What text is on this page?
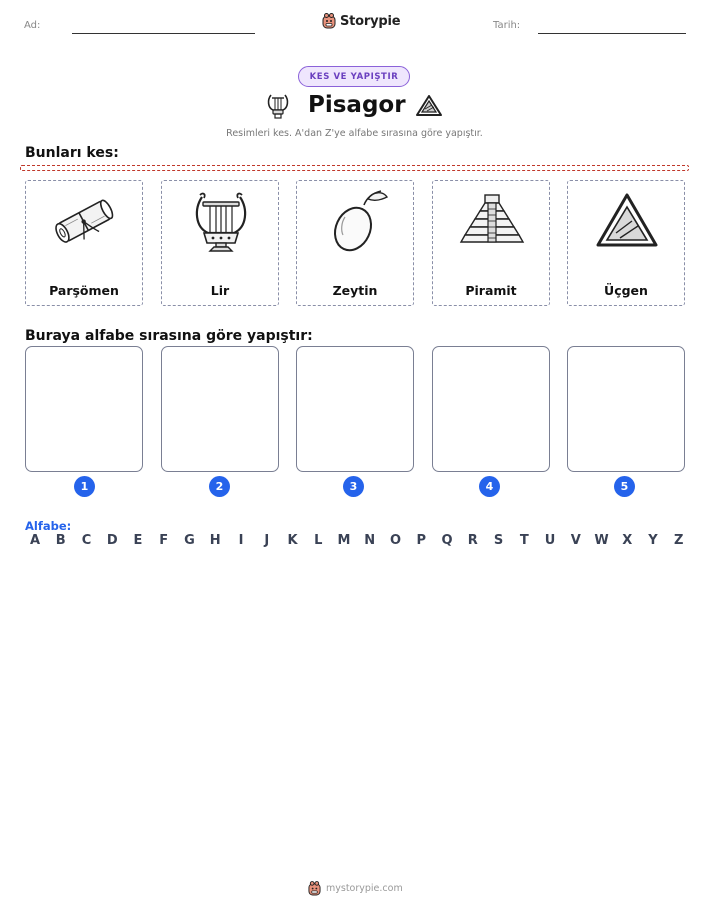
Ad:	Storypie	Tarih:
KES VE YAPIŞTIR
Pisagor
Resimleri kes. A'dan Z'ye alfabe sırasına göre yapıştır.
Bunları kes:
Parşömen	Lir	Zeytin	Piramit	Üçgen
Buraya alfabe sırasına göre yapıştır:
1	2	3	4	5
Alfabe:
A	B	C	D	E	F	G	H	I	J	K	L	M	N	O	P	Q	R	S	T	U	V	W	X	Y	Z
mystorypie.com
